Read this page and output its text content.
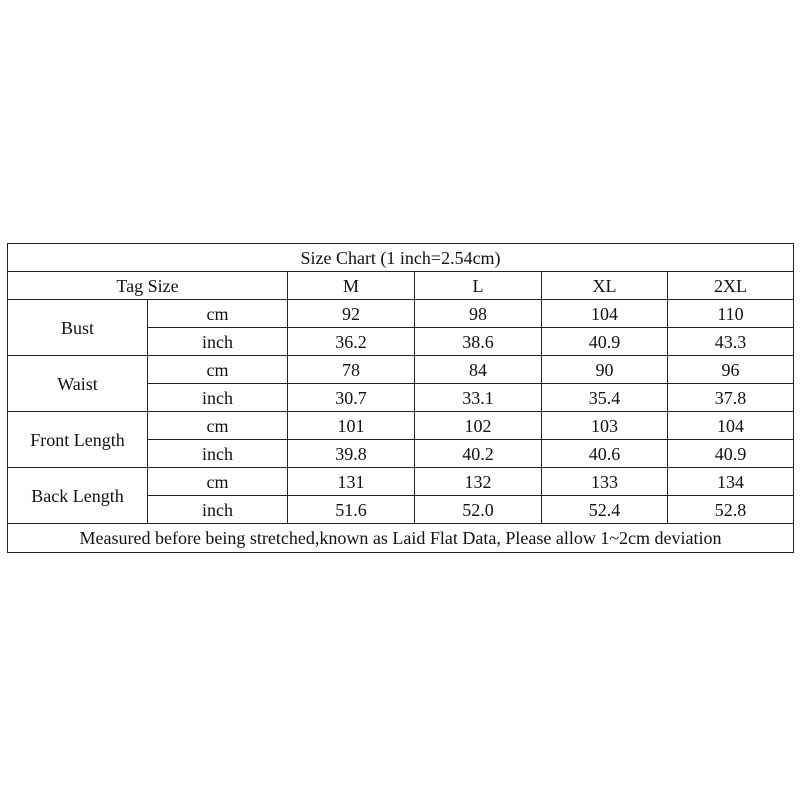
Size Chart (1 inch=2.54cm)					
Tag Size		M	L	XL	2XL
Bust	cm	92	98	104	110
	inch	36.2	38.6	40.9	43.3
Waist	cm	78	84	90	96
	inch	30.7	33.1	35.4	37.8
Front Length	cm	101	102	103	104
	inch	39.8	40.2	40.6	40.9
Back Length	cm	131	132	133	134
	inch	51.6	52.0	52.4	52.8
Measured before being stretched,known as Laid Flat Data, Please allow 1~2cm deviation					
